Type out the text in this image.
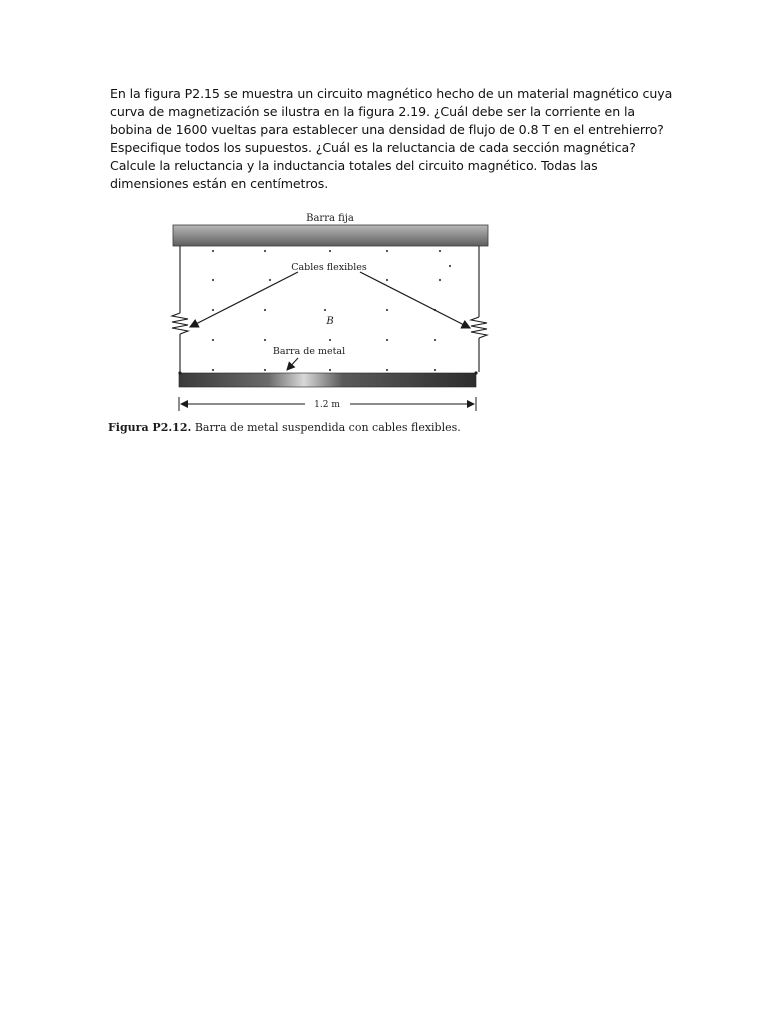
En la figura P2.15 se muestra un circuito magnético hecho de un material magnético cuya
curva de magnetización se ilustra en la figura 2.19. ¿Cuál debe ser la corriente en la
bobina de 1600 vueltas para establecer una densidad de flujo de 0.8 T en el entrehierro?
Especifique todos los supuestos. ¿Cuál es la reluctancia de cada sección magnética?
Calcule la reluctancia y la inductancia totales del circuito magnético. Todas las
dimensiones están en centímetros.
Barra fija
Cables flexibles
B
Barra de metal
1.2 m
Figura P2.12. Barra de metal suspendida con cables flexibles.
